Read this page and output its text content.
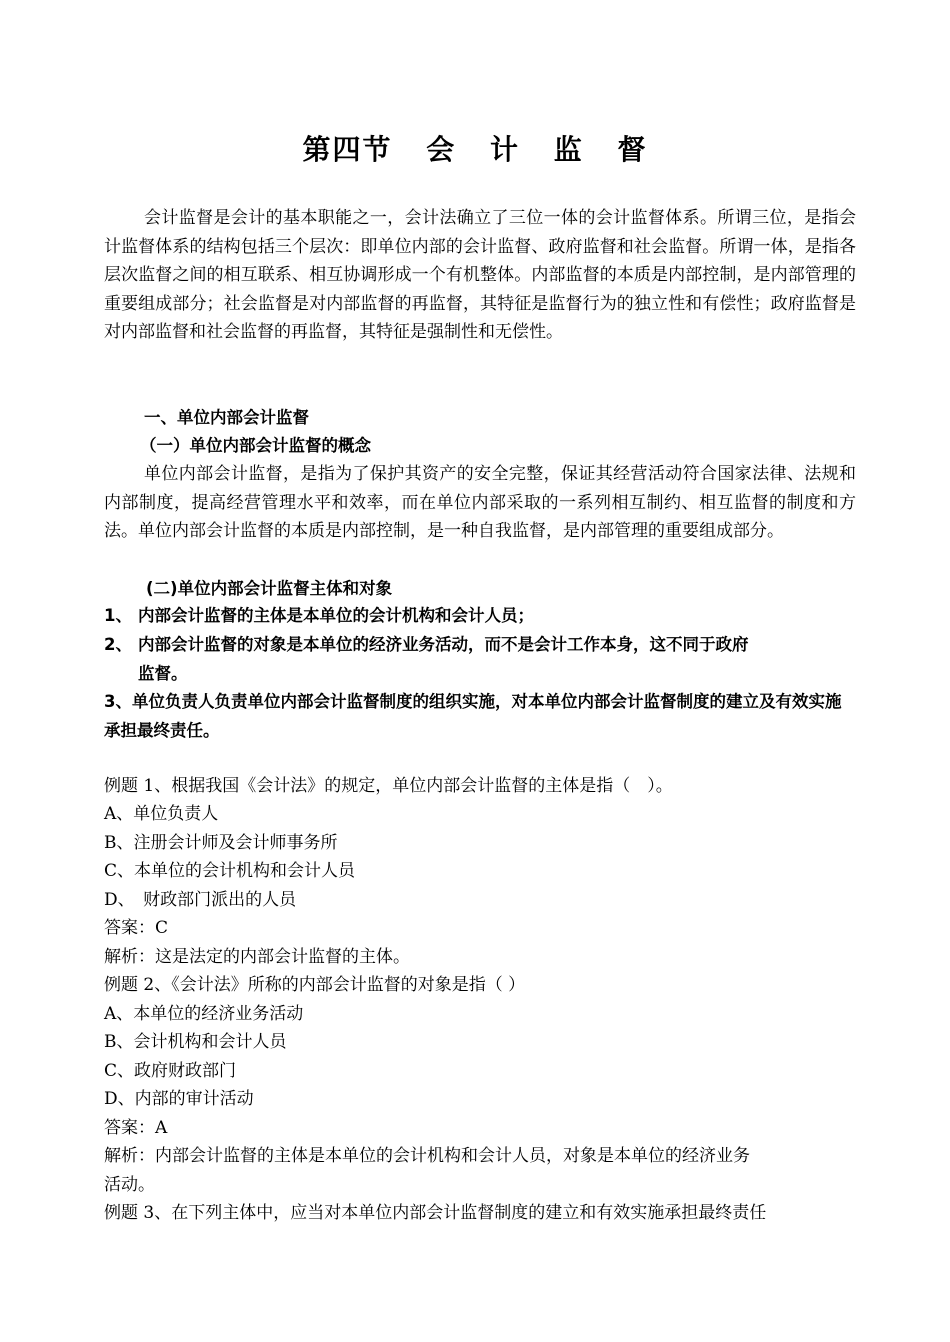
第四节 会 计 监 督
会计监督是会计的基本职能之一，会计法确立了三位一体的会计监督体系。所谓三位，是指会计监督体系的结构包括三个层次：即单位内部的会计监督、政府监督和社会监督。所谓一体，是指各层次监督之间的相互联系、相互协调形成一个有机整体。内部监督的本质是内部控制，是内部管理的重要组成部分；社会监督是对内部监督的再监督，其特征是监督行为的独立性和有偿性；政府监督是对内部监督和社会监督的再监督，其特征是强制性和无偿性。
一、单位内部会计监督
（一）单位内部会计监督的概念
单位内部会计监督，是指为了保护其资产的安全完整，保证其经营活动符合国家法律、法规和内部制度，提高经营管理水平和效率，而在单位内部采取的一系列相互制约、相互监督的制度和方法。单位内部会计监督的本质是内部控制，是一种自我监督，是内部管理的重要组成部分。
(二)单位内部会计监督主体和对象
1、 内部会计监督的主体是本单位的会计机构和会计人员；
2、 内部会计监督的对象是本单位的经济业务活动，而不是会计工作本身，这不同于政府
监督。
3、单位负责人负责单位内部会计监督制度的组织实施，对本单位内部会计监督制度的建立及有效实施承担最终责任。
例题 1、根据我国《会计法》的规定，单位内部会计监督的主体是指（　）。
A、单位负责人
B、注册会计师及会计师事务所
C、本单位的会计机构和会计人员
D、　财政部门派出的人员
答案：C
解析：这是法定的内部会计监督的主体。
例题 2、《会计法》所称的内部会计监督的对象是指（ ）
A、本单位的经济业务活动
B、会计机构和会计人员
C、政府财政部门
D、内部的审计活动
答案：A
解析：内部会计监督的主体是本单位的会计机构和会计人员，对象是本单位的经济业务
活动。
例题 3、在下列主体中，应当对本单位内部会计监督制度的建立和有效实施承担最终责任
